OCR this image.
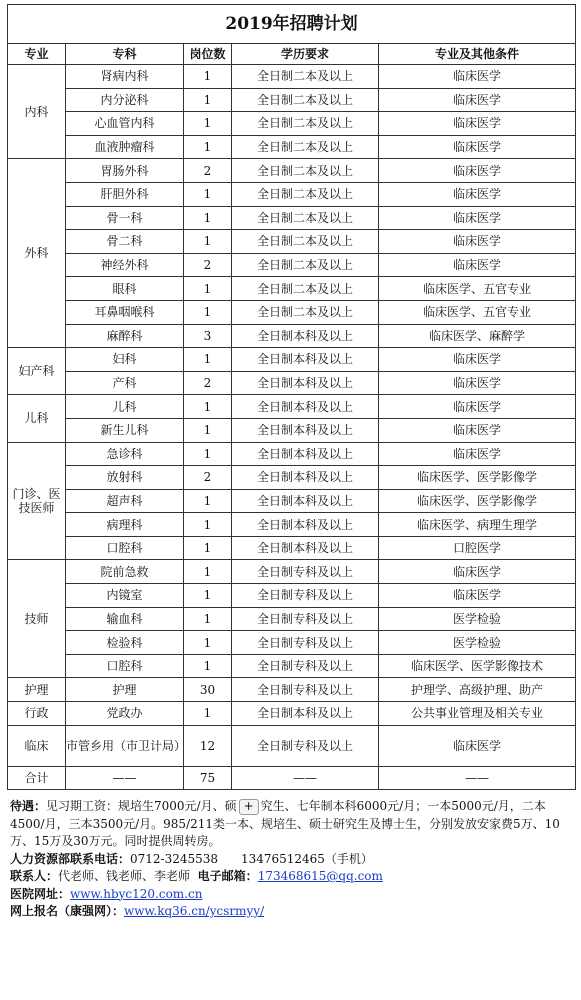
2019年招聘计划				
专业	专科	岗位数	学历要求	专业及其他条件
内科	肾病内科	1	全日制二本及以上	临床医学
	内分泌科	1	全日制二本及以上	临床医学
	心血管内科	1	全日制二本及以上	临床医学
	血液肿瘤科	1	全日制二本及以上	临床医学
外科	胃肠外科	2	全日制二本及以上	临床医学
	肝胆外科	1	全日制二本及以上	临床医学
	骨一科	1	全日制二本及以上	临床医学
	骨二科	1	全日制二本及以上	临床医学
	神经外科	2	全日制二本及以上	临床医学
	眼科	1	全日制二本及以上	临床医学、五官专业
	耳鼻咽喉科	1	全日制二本及以上	临床医学、五官专业
	麻醉科	3	全日制本科及以上	临床医学、麻醉学
妇产科	妇科	1	全日制本科及以上	临床医学
	产科	2	全日制本科及以上	临床医学
儿科	儿科	1	全日制本科及以上	临床医学
	新生儿科	1	全日制本科及以上	临床医学
门诊、医技医师	急诊科	1	全日制本科及以上	临床医学
	放射科	2	全日制本科及以上	临床医学、医学影像学
	超声科	1	全日制本科及以上	临床医学、医学影像学
	病理科	1	全日制本科及以上	临床医学、病理生理学
	口腔科	1	全日制本科及以上	口腔医学
技师	院前急救	1	全日制专科及以上	临床医学
	内镜室	1	全日制专科及以上	临床医学
	输血科	1	全日制专科及以上	医学检验
	检验科	1	全日制专科及以上	医学检验
	口腔科	1	全日制专科及以上	临床医学、医学影像技术
护理	护理	30	全日制专科及以上	护理学、高级护理、助产
行政	党政办	1	全日制本科及以上	公共事业管理及相关专业
临床	市管乡用（市卫计局）	12	全日制专科及以上	临床医学
合计	——	75	——	——

待遇：见习期工资：规培生7000元/月、硕 + 究生、七年制本科6000元/月；一本5000元/月，二本4500/月，三本3500元/月。985/211类一本、规培生、硕士研究生及博士生，分别发放安家费5万、10万、15万及30万元。同时提供周转房。

人力资源部联系电话：0712-3245538 13476512465（手机）

联系人：代老师、钱老师、李老师 电子邮箱：173468615@qq.com

医院网址：www.hbyc120.com.cn

网上报名（康强网）：www.kq36.cn/ycsrmyy/
